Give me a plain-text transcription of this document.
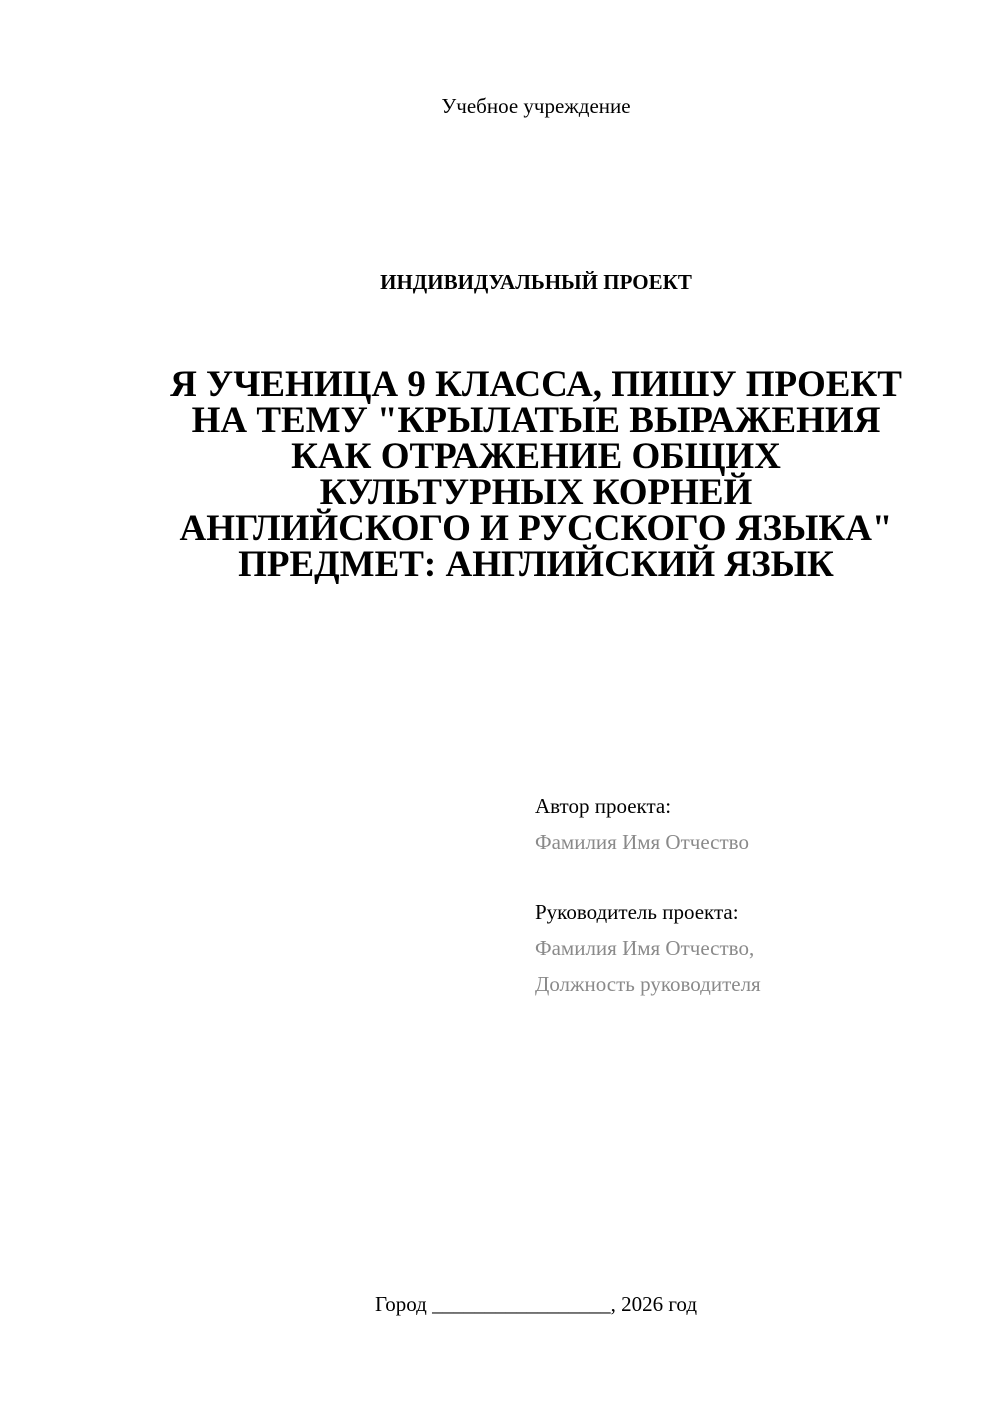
Учебное учреждение
ИНДИВИДУАЛЬНЫЙ ПРОЕКТ
Я УЧЕНИЦА 9 КЛАССА, ПИШУ ПРОЕКТ
НА ТЕМУ "КРЫЛАТЫЕ ВЫРАЖЕНИЯ
КАК ОТРАЖЕНИЕ ОБЩИХ
КУЛЬТУРНЫХ КОРНЕЙ
АНГЛИЙСКОГО И РУССКОГО ЯЗЫКА"
ПРЕДМЕТ: АНГЛИЙСКИЙ ЯЗЫК
Автор проекта:
Фамилия Имя Отчество
Руководитель проекта:
Фамилия Имя Отчество,
Должность руководителя
Город _________________, 2026 год
